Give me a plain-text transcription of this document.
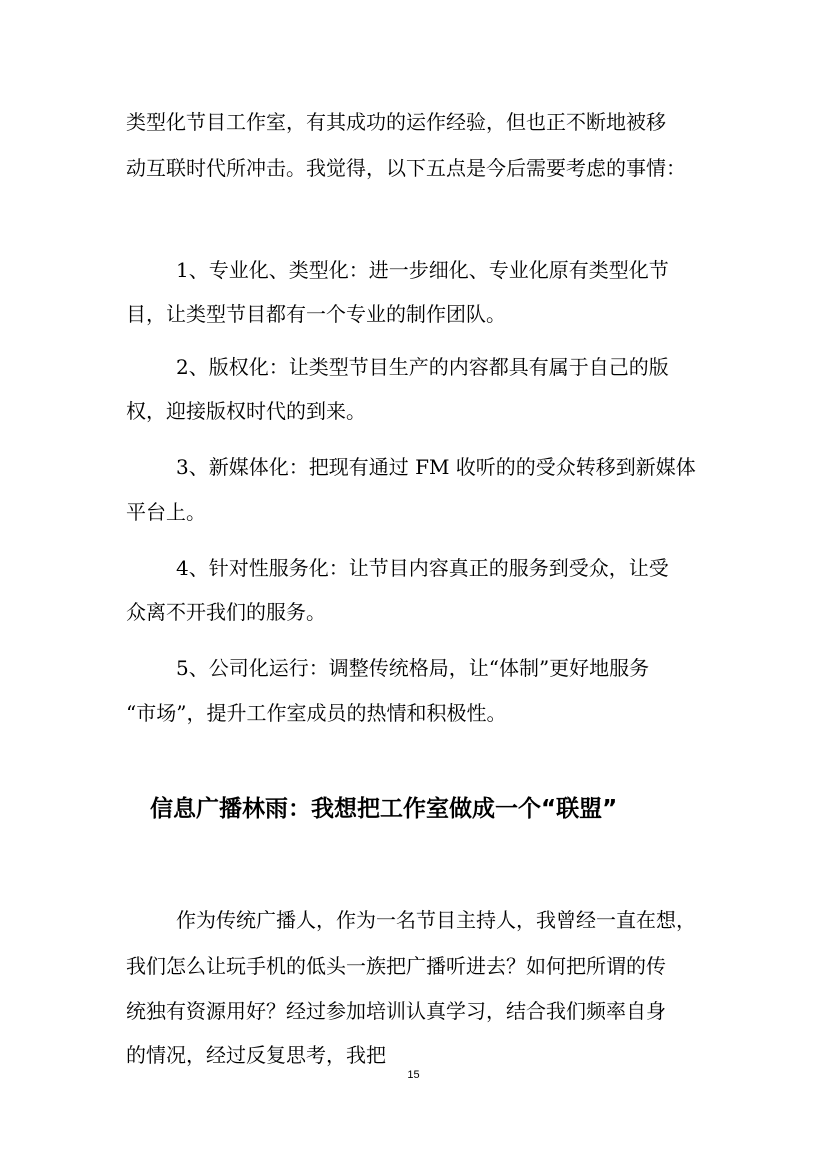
类型化节目工作室，有其成功的运作经验，但也正不断地被移
动互联时代所冲击。我觉得，以下五点是今后需要考虑的事情：
1、专业化、类型化：进一步细化、专业化原有类型化节
目，让类型节目都有一个专业的制作团队。
2、版权化：让类型节目生产的内容都具有属于自己的版
权，迎接版权时代的到来。
3、新媒体化：把现有通过 FM 收听的的受众转移到新媒体
平台上。
4、针对性服务化：让节目内容真正的服务到受众，让受
众离不开我们的服务。
5、公司化运行：调整传统格局，让“体制”更好地服务
“市场”，提升工作室成员的热情和积极性。
信息广播林雨：我想把工作室做成一个“联盟”
作为传统广播人，作为一名节目主持人，我曾经一直在想，
我们怎么让玩手机的低头一族把广播听进去？如何把所谓的传
统独有资源用好？经过参加培训认真学习，结合我们频率自身
的情况，经过反复思考，我把
15
